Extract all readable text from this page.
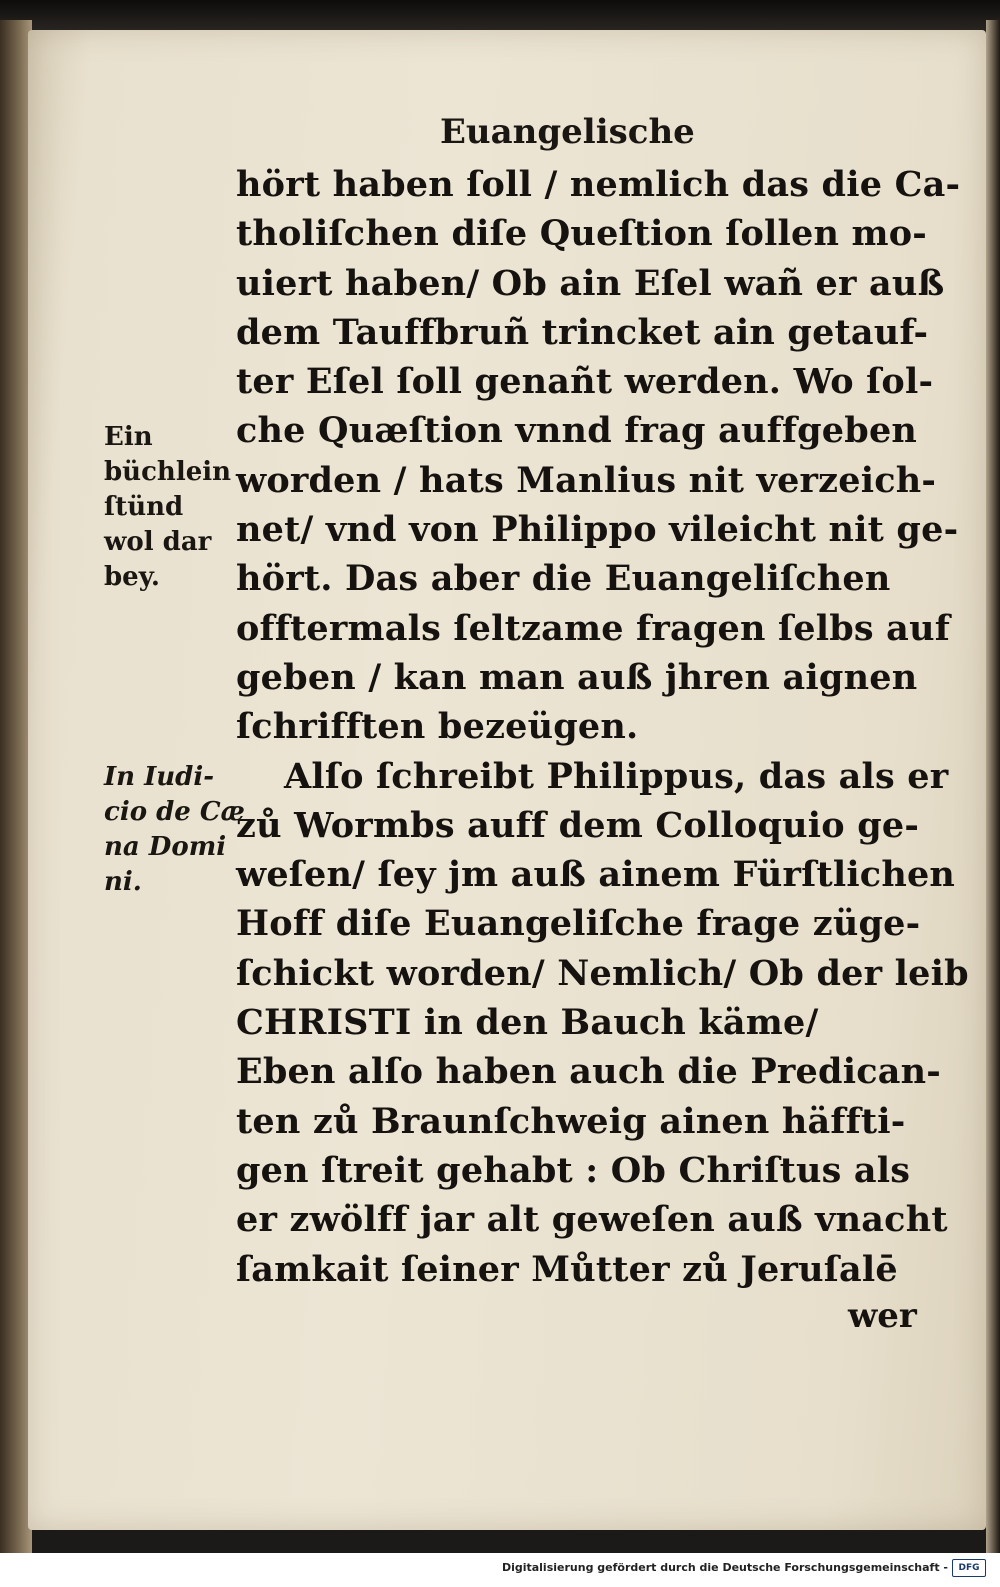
Euangelische
hört haben ſoll / nemlich das die Ca-
tholiſchen diſe Queſtion ſollen mo-
uiert haben/ Ob ain Eſel wañ er auß
dem Tauffbruñ trincket ain getauf-
ter Eſel ſoll genañt werden. Wo ſol-
che Quæſtion vnnd frag auffgeben
worden / hats Manlius nit verzeich-
net/ vnd von Philippo vileicht nit ge-
hört. Das aber die Euangeliſchen
offtermals ſeltzame fragen ſelbs auf
geben / kan man auß jhren aignen
ſchrifften bezeügen.
Alſo ſchreibt Philippus, das als er
zů Wormbs auff dem Colloquio ge-
weſen/ ſey jm auß ainem Fürſtlichen
Hoff diſe Euangeliſche frage züge-
ſchickt worden/ Nemlich/ Ob der leib
CHRISTI in den Bauch käme/
Eben alſo haben auch die Predican-
ten zů Braunſchweig ainen häffti-
gen ſtreit gehabt : Ob Chriſtus als
er zwölff jar alt geweſen auß vnacht
ſamkait ſeiner Můtter zů Jeruſalē
wer
Ein
büchlein
ſtünd
wol dar
bey.
In Iudi-
cio de Cæ
na Domi
ni.
Digitalisierung gefördert durch die Deutsche Forschungsgemeinschaft -	DFG
